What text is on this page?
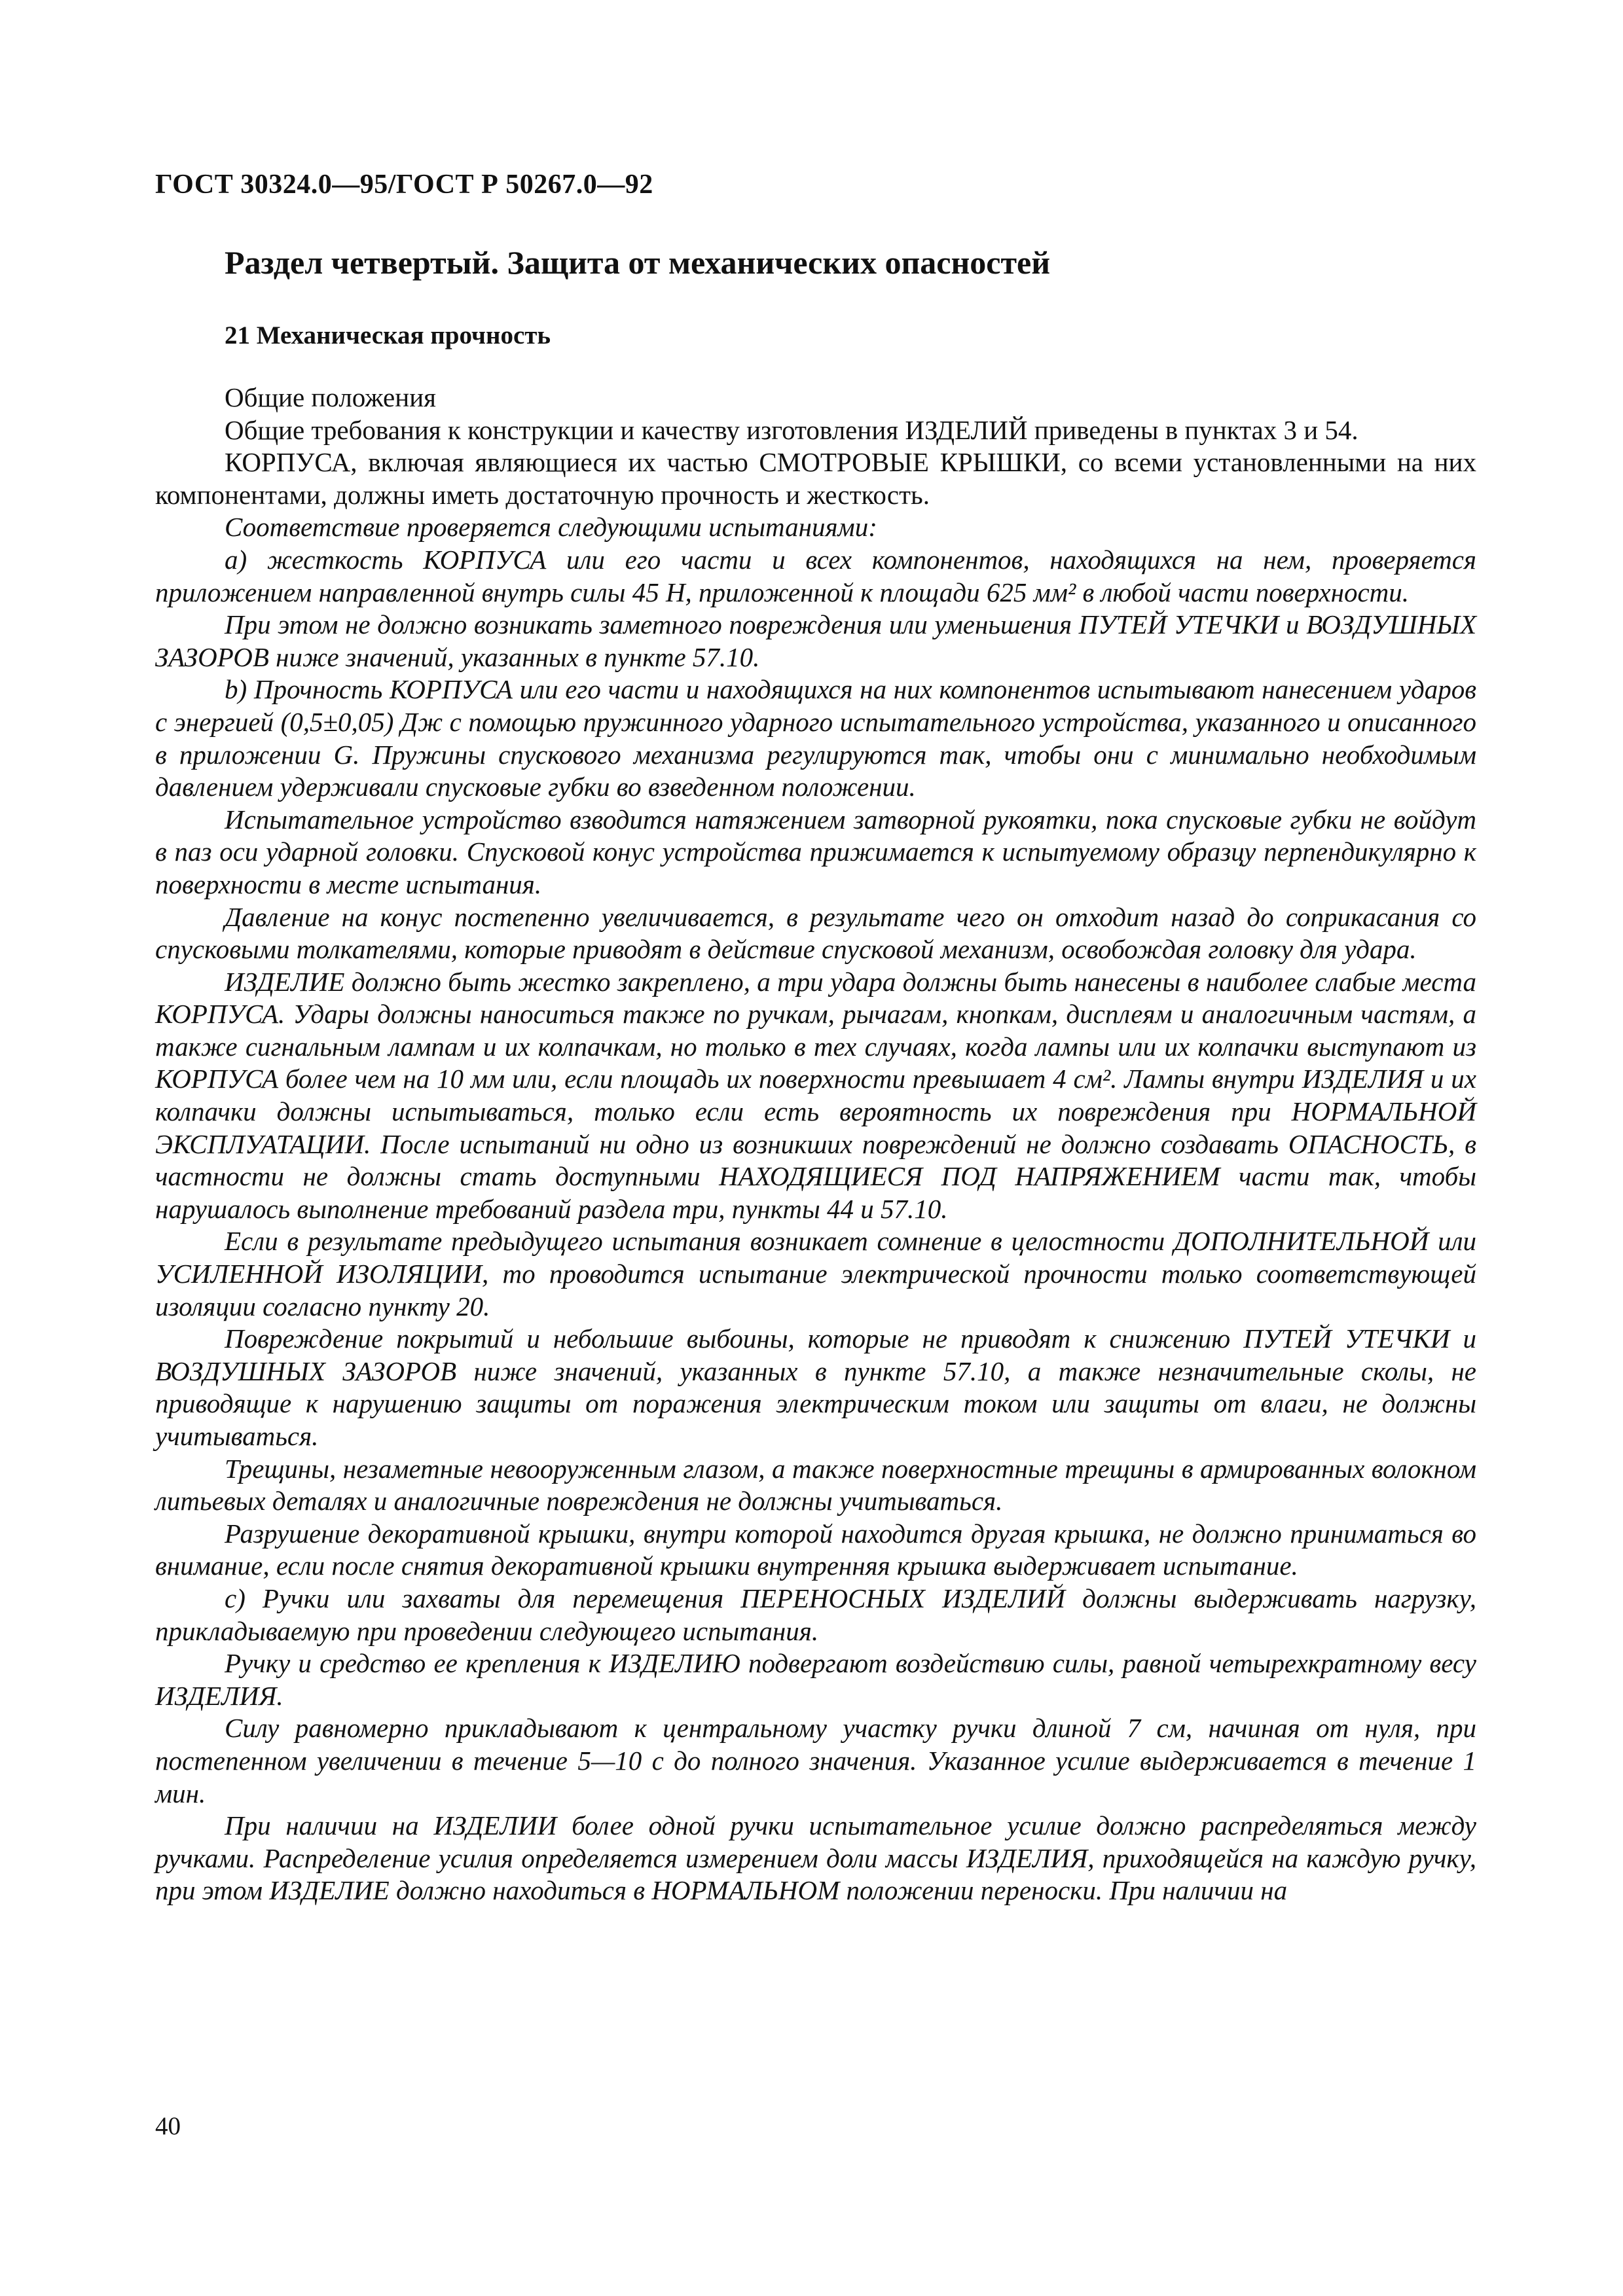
ГОСТ 30324.0—95/ГОСТ Р 50267.0—92
Раздел четвертый. Защита от механических опасностей
21 Механическая прочность

Общие положения

Общие требования к конструкции и качеству изготовления ИЗДЕЛИЙ приведены в пунктах 3 и 54.

КОРПУСА, включая являющиеся их частью СМОТРОВЫЕ КРЫШКИ, со всеми установленными на них компонентами, должны иметь достаточную прочность и жесткость.

Соответствие проверяется следующими испытаниями:

а) жесткость КОРПУСА или его части и всех компонентов, находящихся на нем, проверяется приложением направленной внутрь силы 45 Н, приложенной к площади 625 мм² в любой части поверхности.

При этом не должно возникать заметного повреждения или уменьшения ПУТЕЙ УТЕЧКИ и ВОЗДУШНЫХ ЗАЗОРОВ ниже значений, указанных в пункте 57.10.

b) Прочность КОРПУСА или его части и находящихся на них компонентов испытывают нанесением ударов с энергией (0,5±0,05) Дж с помощью пружинного ударного испытательного устройства, указанного и описанного в приложении G. Пружины спускового механизма регулируются так, чтобы они с минимально необходимым давлением удерживали спусковые губки во взведенном положении.

Испытательное устройство взводится натяжением затворной рукоятки, пока спусковые губки не войдут в паз оси ударной головки. Спусковой конус устройства прижимается к испытуемому образцу перпендикулярно к поверхности в месте испытания.

Давление на конус постепенно увеличивается, в результате чего он отходит назад до соприкасания со спусковыми толкателями, которые приводят в действие спусковой механизм, освобождая головку для удара.

ИЗДЕЛИЕ должно быть жестко закреплено, а три удара должны быть нанесены в наиболее слабые места КОРПУСА. Удары должны наноситься также по ручкам, рычагам, кнопкам, дисплеям и аналогичным частям, а также сигнальным лампам и их колпачкам, но только в тех случаях, когда лампы или их колпачки выступают из КОРПУСА более чем на 10 мм или, если площадь их поверхности превышает 4 см². Лампы внутри ИЗДЕЛИЯ и их колпачки должны испытываться, только если есть вероятность их повреждения при НОРМАЛЬНОЙ ЭКСПЛУАТАЦИИ. После испытаний ни одно из возникших повреждений не должно создавать ОПАСНОСТЬ, в частности не должны стать доступными НАХОДЯЩИЕСЯ ПОД НАПРЯЖЕНИЕМ части так, чтобы нарушалось выполнение требований раздела три, пункты 44 и 57.10.

Если в результате предыдущего испытания возникает сомнение в целостности ДОПОЛНИТЕЛЬНОЙ или УСИЛЕННОЙ ИЗОЛЯЦИИ, то проводится испытание электрической прочности только соответствующей изоляции согласно пункту 20.

Повреждение покрытий и небольшие выбоины, которые не приводят к снижению ПУТЕЙ УТЕЧКИ и ВОЗДУШНЫХ ЗАЗОРОВ ниже значений, указанных в пункте 57.10, а также незначительные сколы, не приводящие к нарушению защиты от поражения электрическим током или защиты от влаги, не должны учитываться.

Трещины, незаметные невооруженным глазом, а также поверхностные трещины в армированных волокном литьевых деталях и аналогичные повреждения не должны учитываться.

Разрушение декоративной крышки, внутри которой находится другая крышка, не должно приниматься во внимание, если после снятия декоративной крышки внутренняя крышка выдерживает испытание.

с) Ручки или захваты для перемещения ПЕРЕНОСНЫХ ИЗДЕЛИЙ должны выдерживать нагрузку, прикладываемую при проведении следующего испытания.

Ручку и средство ее крепления к ИЗДЕЛИЮ подвергают воздействию силы, равной четырехкратному весу ИЗДЕЛИЯ.

Силу равномерно прикладывают к центральному участку ручки длиной 7 см, начиная от нуля, при постепенном увеличении в течение 5—10 с до полного значения. Указанное усилие выдерживается в течение 1 мин.

При наличии на ИЗДЕЛИИ более одной ручки испытательное усилие должно распределяться между ручками. Распределение усилия определяется измерением доли массы ИЗДЕЛИЯ, приходящейся на каждую ручку, при этом ИЗДЕЛИЕ должно находиться в НОРМАЛЬНОМ положении переноски. При наличии на

40
